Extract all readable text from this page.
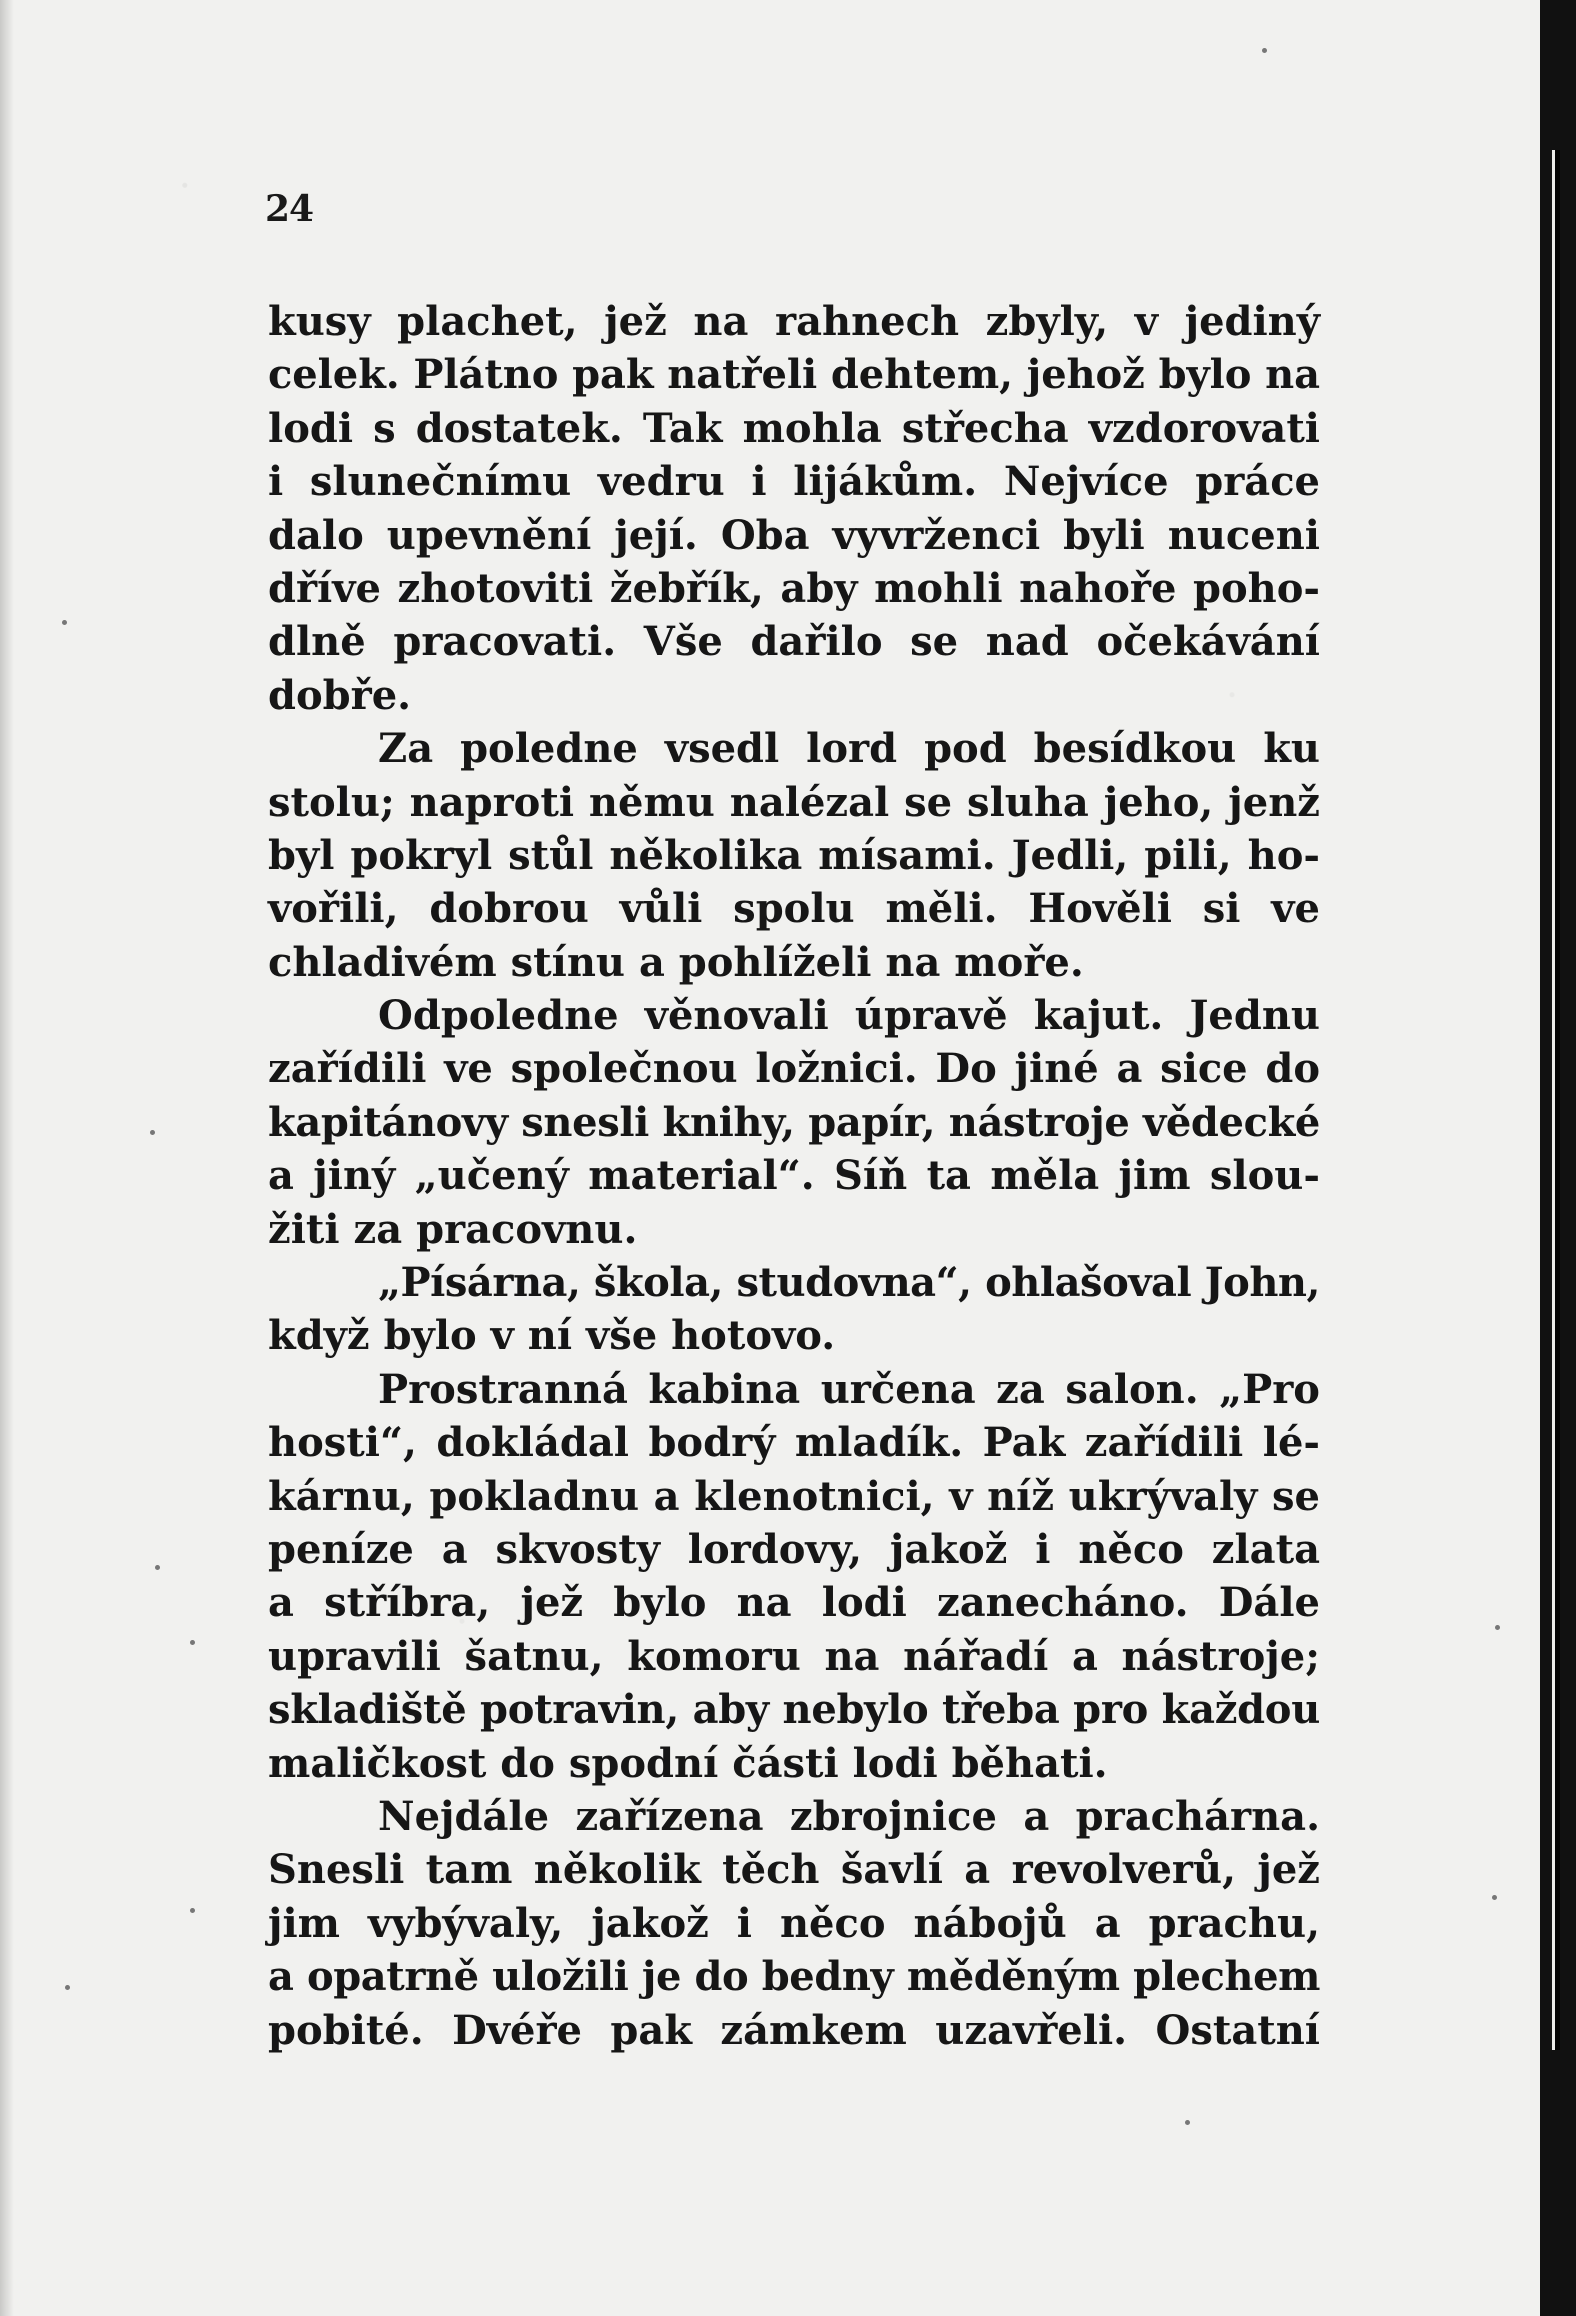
24
kusy plachet, jež na rahnech zbyly, v jediný
celek. Plátno pak natřeli dehtem, jehož bylo na
lodi s dostatek. Tak mohla střecha vzdorovati
i slunečnímu vedru i lijákům. Nejvíce práce
dalo upevnění její. Oba vyvrženci byli nuceni
dříve zhotoviti žebřík, aby mohli nahoře poho-
dlně pracovati. Vše dařilo se nad očekávání
dobře.
Za poledne vsedl lord pod besídkou ku
stolu; naproti němu nalézal se sluha jeho, jenž
byl pokryl stůl několika mísami. Jedli, pili, ho-
vořili, dobrou vůli spolu měli. Hověli si ve
chladivém stínu a pohlíželi na moře.
Odpoledne věnovali úpravě kajut. Jednu
zařídili ve společnou ložnici. Do jiné a sice do
kapitánovy snesli knihy, papír, nástroje vědecké
a jiný „učený material“. Síň ta měla jim slou-
žiti za pracovnu.
„Písárna, škola, studovna“, ohlašoval John,
když bylo v ní vše hotovo.
Prostranná kabina určena za salon. „Pro
hosti“, dokládal bodrý mladík. Pak zařídili lé-
kárnu, pokladnu a klenotnici, v níž ukrývaly se
peníze a skvosty lordovy, jakož i něco zlata
a stříbra, jež bylo na lodi zanecháno. Dále
upravili šatnu, komoru na nářadí a nástroje;
skladiště potravin, aby nebylo třeba pro každou
maličkost do spodní části lodi běhati.
Nejdále zařízena zbrojnice a prachárna.
Snesli tam několik těch šavlí a revolverů, jež
jim vybývaly, jakož i něco nábojů a prachu,
a opatrně uložili je do bedny měděným plechem
pobité. Dvéře pak zámkem uzavřeli. Ostatní
